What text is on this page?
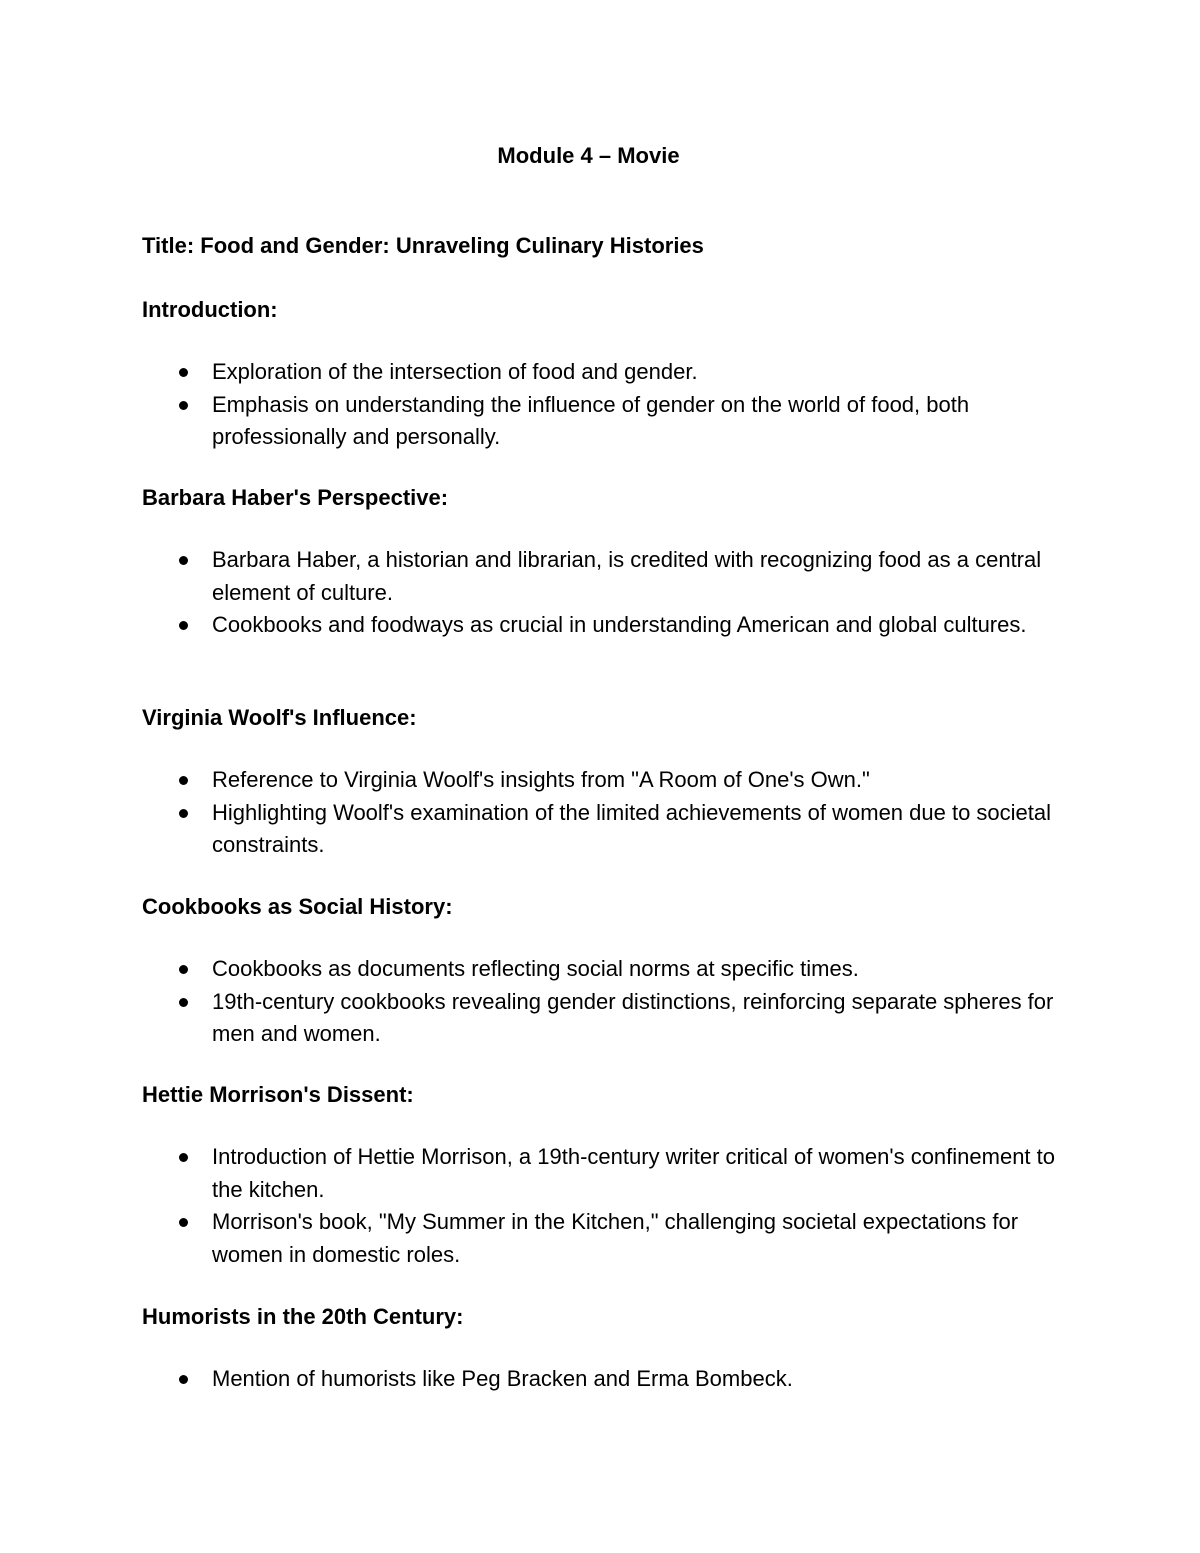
Module 4 – Movie
Title: Food and Gender: Unraveling Culinary Histories
Introduction:
Exploration of the intersection of food and gender.
Emphasis on understanding the influence of gender on the world of food, both professionally and personally.
Barbara Haber's Perspective:
Barbara Haber, a historian and librarian, is credited with recognizing food as a central element of culture.
Cookbooks and foodways as crucial in understanding American and global cultures.
Virginia Woolf's Influence:
Reference to Virginia Woolf's insights from "A Room of One's Own."
Highlighting Woolf's examination of the limited achievements of women due to societal constraints.
Cookbooks as Social History:
Cookbooks as documents reflecting social norms at specific times.
19th-century cookbooks revealing gender distinctions, reinforcing separate spheres for men and women.
Hettie Morrison's Dissent:
Introduction of Hettie Morrison, a 19th-century writer critical of women's confinement to the kitchen.
Morrison's book, "My Summer in the Kitchen," challenging societal expectations for women in domestic roles.
Humorists in the 20th Century:
Mention of humorists like Peg Bracken and Erma Bombeck.
